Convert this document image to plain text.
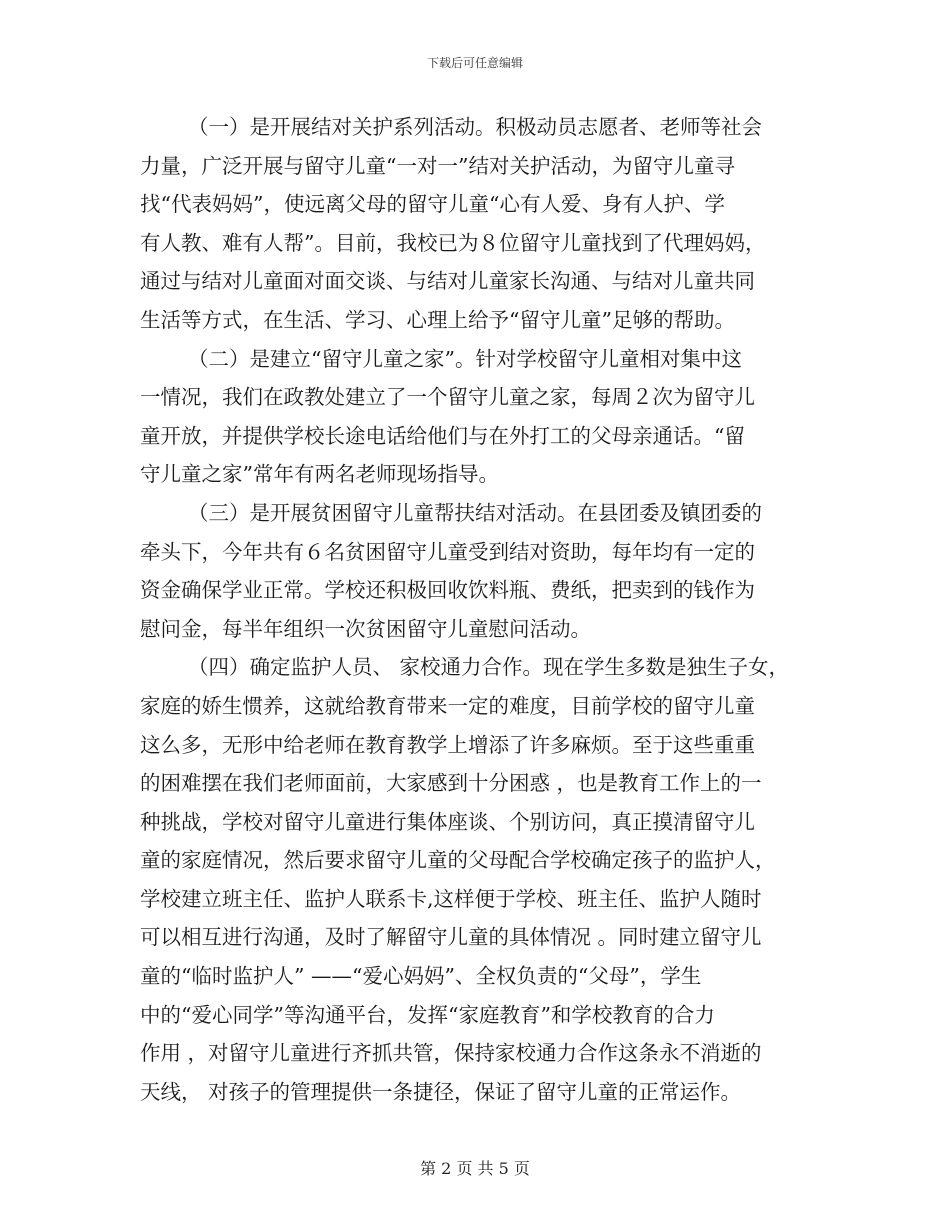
下载后可任意编辑
（一）是开展结对关护系列活动。积极动员志愿者、老师等社会
力量，广泛开展与留守儿童“一对一”结对关护活动，为留守儿童寻
找“代表妈妈”，使远离父母的留守儿童“心有人爱、身有人护、学
有人教、难有人帮”。目前，我校已为８位留守儿童找到了代理妈妈，
通过与结对儿童面对面交谈、与结对儿童家长沟通、与结对儿童共同
生活等方式，在生活、学习、心理上给予“留守儿童”足够的帮助。
（二）是建立“留守儿童之家”。针对学校留守儿童相对集中这
一情况，我们在政教处建立了一个留守儿童之家，每周２次为留守儿
童开放，并提供学校长途电话给他们与在外打工的父母亲通话。“留
守儿童之家”常年有两名老师现场指导。
（三）是开展贫困留守儿童帮扶结对活动。在县团委及镇团委的
牵头下，今年共有６名贫困留守儿童受到结对资助，每年均有一定的
资金确保学业正常。学校还积极回收饮料瓶、费纸，把卖到的钱作为
慰问金，每半年组织一次贫困留守儿童慰问活动。
（四）确定监护人员、 家校通力合作。现在学生多数是独生子女，
家庭的娇生惯养，这就给教育带来一定的难度，目前学校的留守儿童
这么多，无形中给老师在教育教学上增添了许多麻烦。至于这些重重
的困难摆在我们老师面前，大家感到十分困惑 ，也是教育工作上的一
种挑战，学校对留守儿童进行集体座谈、个别访问，真正摸清留守儿
童的家庭情况，然后要求留守儿童的父母配合学校确定孩子的监护人，
学校建立班主任、监护人联系卡,这样便于学校、班主任、监护人随时
可以相互进行沟通，及时了解留守儿童的具体情况 。同时建立留守儿
童的“临时监护人” ——“爱心妈妈”、全权负责的“父母”，学生
中的“爱心同学”等沟通平台，发挥“家庭教育”和学校教育的合力
作用 ，对留守儿童进行齐抓共管，保持家校通力合作这条永不消逝的
天线， 对孩子的管理提供一条捷径，保证了留守儿童的正常运作。
第 2 页 共 5 页
